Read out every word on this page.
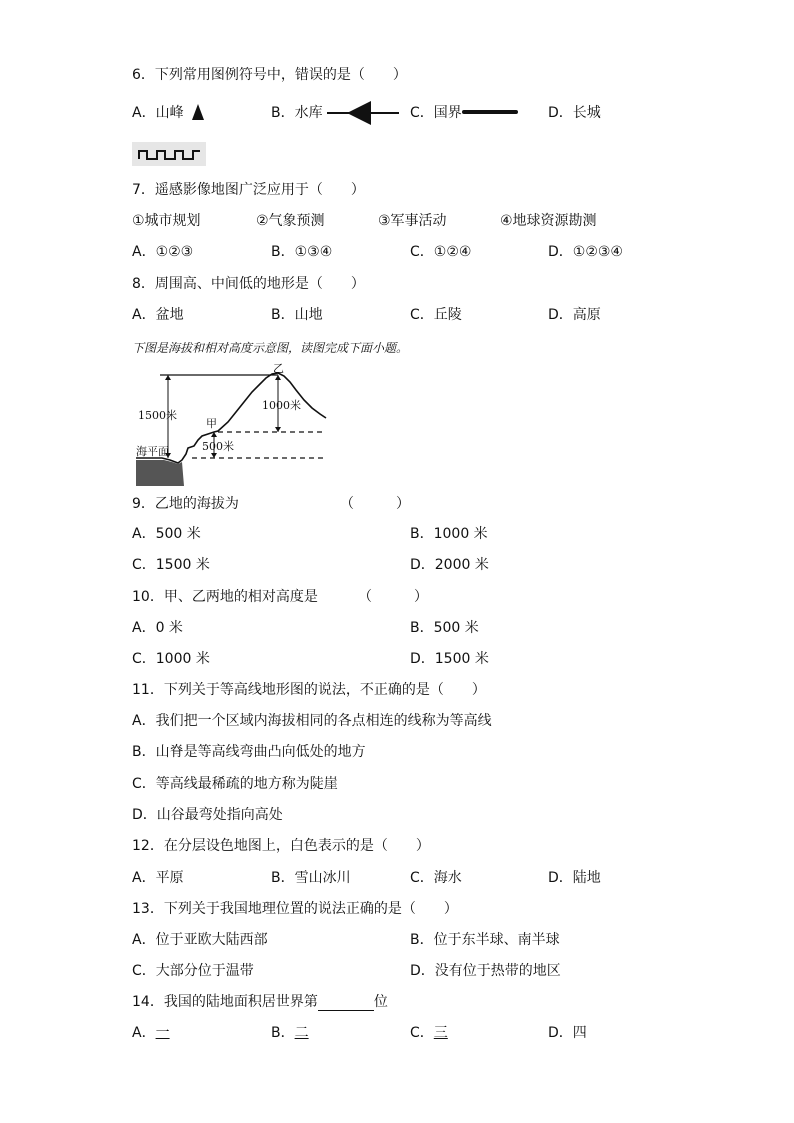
6．下列常用图例符号中，错误的是（　　）
A．山峰	B．水库	C．国界	D．长城
7．遥感影像地图广泛应用于（　　）
①城市规划	②气象预测	③军事活动	④地球资源勘测
A．①②③	B．①③④	C．①②④	D．①②③④
8．周围高、中间低的地形是（　　）
A．盆地	B．山地	C．丘陵	D．高原
下图是海拔和相对高度示意图，读图完成下面小题。
乙
甲
1500米
1000米
500米
海平面
9．乙地的海拔为	（　　　）
A．500 米	B．1000 米
C．1500 米	D．2000 米
10．甲、乙两地的相对高度是	（　　　）
A．0 米	B．500 米
C．1000 米	D．1500 米
11．下列关于等高线地形图的说法，不正确的是（　　）
A．我们把一个区域内海拔相同的各点相连的线称为等高线
B．山脊是等高线弯曲凸向低处的地方
C．等高线最稀疏的地方称为陡崖
D．山谷最弯处指向高处
12．在分层设色地图上，白色表示的是（　　）
A．平原	B．雪山冰川	C．海水	D．陆地
13．下列关于我国地理位置的说法正确的是（　　）
A．位于亚欧大陆西部	B．位于东半球、南半球
C．大部分位于温带	D．没有位于热带的地区
14．我国的陆地面积居世界第	位
A．一	B．二	C．三	D．四
